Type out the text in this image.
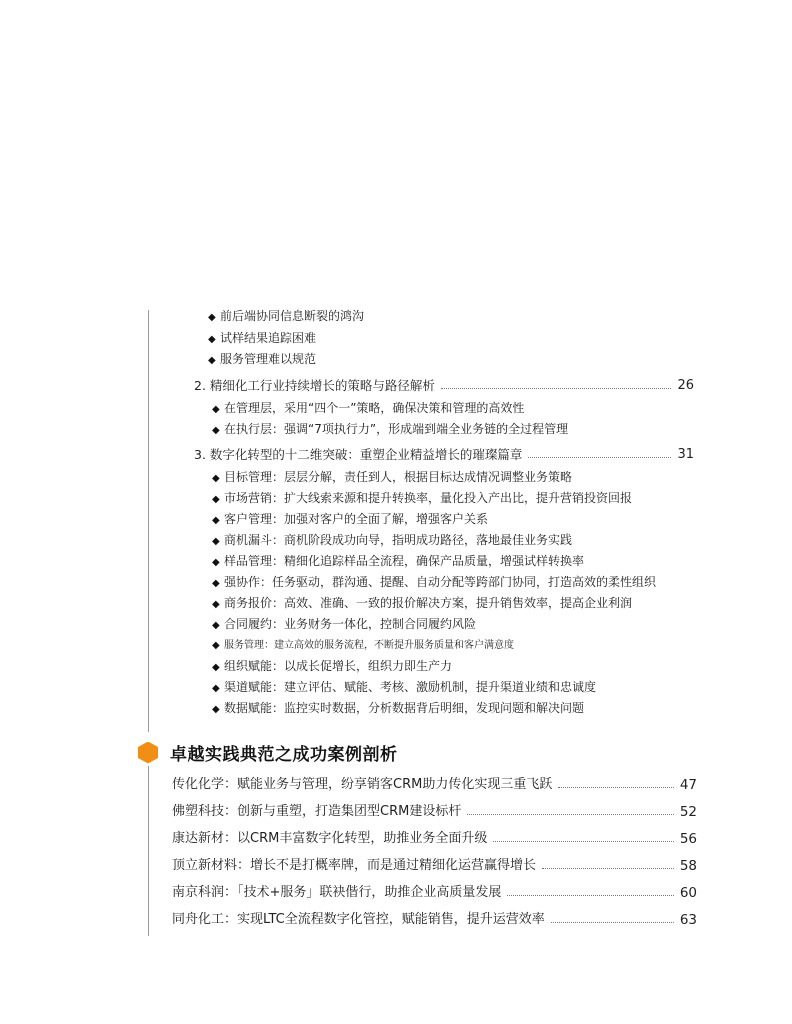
◆ 前后端协同信息断裂的鸿沟
◆ 试样结果追踪困难
◆ 服务管理难以规范
2. 精细化工行业持续增长的策略与路径解析	26
◆ 在管理层，采用“四个一”策略，确保决策和管理的高效性
◆ 在执行层：强调“7项执行力”，形成端到端全业务链的全过程管理
3. 数字化转型的十二维突破：重塑企业精益增长的璀璨篇章	31
◆ 目标管理：层层分解，责任到人，根据目标达成情况调整业务策略
◆ 市场营销：扩大线索来源和提升转换率，量化投入产出比，提升营销投资回报
◆ 客户管理：加强对客户的全面了解，增强客户关系
◆ 商机漏斗：商机阶段成功向导，指明成功路径，落地最佳业务实践
◆ 样品管理：精细化追踪样品全流程，确保产品质量，增强试样转换率
◆ 强协作：任务驱动，群沟通、提醒、自动分配等跨部门协同，打造高效的柔性组织
◆ 商务报价：高效、准确、一致的报价解决方案，提升销售效率，提高企业利润
◆ 合同履约：业务财务一体化，控制合同履约风险
◆ 服务管理：建立高效的服务流程，不断提升服务质量和客户满意度
◆ 组织赋能：以成长促增长，组织力即生产力
◆ 渠道赋能：建立评估、赋能、考核、激励机制，提升渠道业绩和忠诚度
◆ 数据赋能：监控实时数据，分析数据背后明细，发现问题和解决问题
卓越实践典范之成功案例剖析
传化化学：赋能业务与管理，纷享销客CRM助力传化实现三重飞跃	47
佛塑科技：创新与重塑，打造集团型CRM建设标杆	52
康达新材：以CRM丰富数字化转型，助推业务全面升级	56
顶立新材料：增长不是打概率牌，而是通过精细化运营赢得增长	58
南京科润：「技术+服务」联袂偕行，助推企业高质量发展	60
同舟化工：实现LTC全流程数字化管控，赋能销售，提升运营效率	63
